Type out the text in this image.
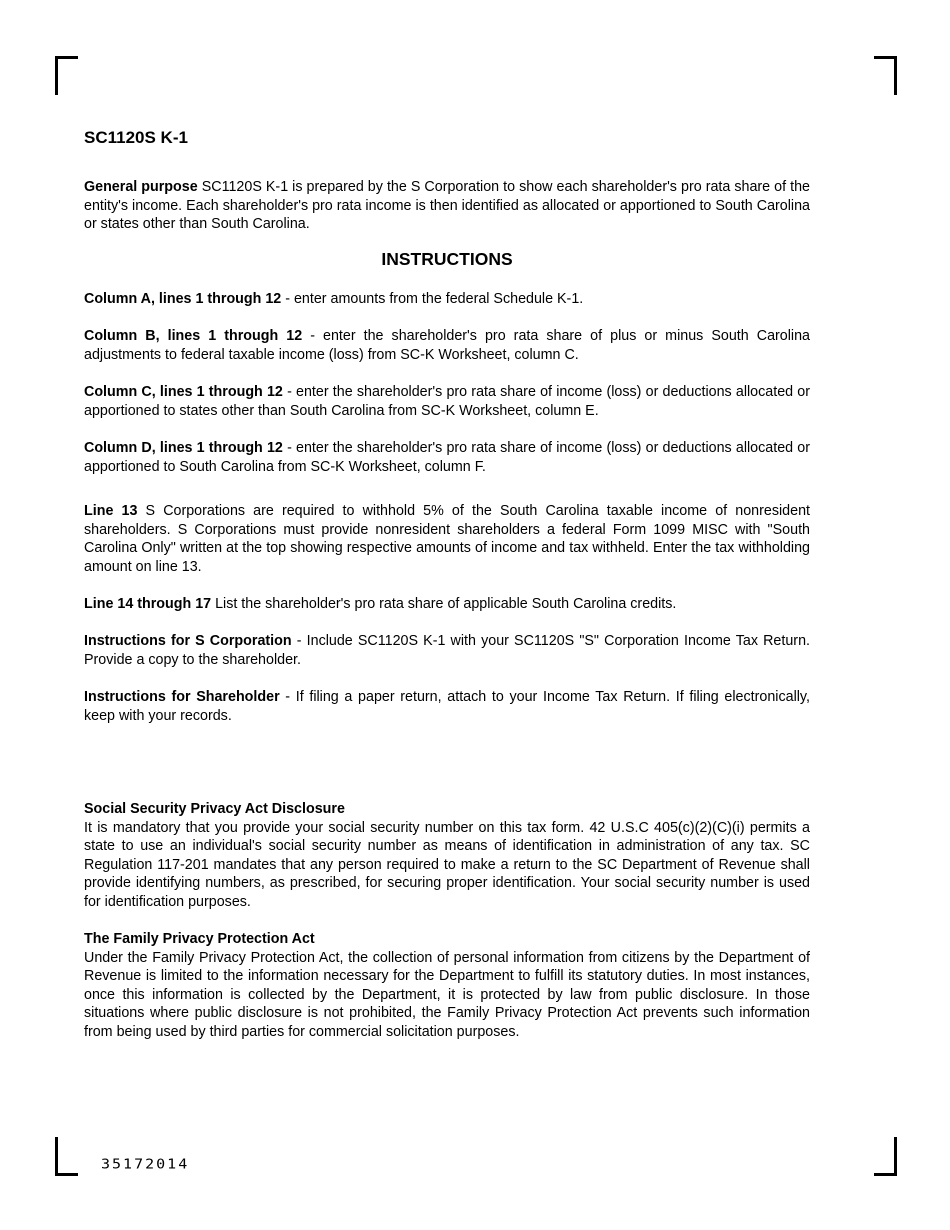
SC1120S K-1

General purpose SC1120S K-1 is prepared by the S Corporation to show each shareholder's pro rata share of the entity's income. Each shareholder's pro rata income is then identified as allocated or apportioned to South Carolina or states other than South Carolina.

INSTRUCTIONS

Column A, lines 1 through 12 - enter amounts from the federal Schedule K-1.

Column B, lines 1 through 12 - enter the shareholder's pro rata share of plus or minus South Carolina adjustments to federal taxable income (loss) from SC-K Worksheet, column C.

Column C, lines 1 through 12 - enter the shareholder's pro rata share of income (loss) or deductions allocated or apportioned to states other than South Carolina from SC-K Worksheet, column E.

Column D, lines 1 through 12 - enter the shareholder's pro rata share of income (loss) or deductions allocated or apportioned to South Carolina from SC-K Worksheet, column F.

Line 13 S Corporations are required to withhold 5% of the South Carolina taxable income of nonresident shareholders. S Corporations must provide nonresident shareholders a federal Form 1099 MISC with "South Carolina Only" written at the top showing respective amounts of income and tax withheld. Enter the tax withholding amount on line 13.

Line 14 through 17 List the shareholder's pro rata share of applicable South Carolina credits.

Instructions for S Corporation - Include SC1120S K-1 with your SC1120S "S" Corporation Income Tax Return. Provide a copy to the shareholder.

Instructions for Shareholder - If filing a paper return, attach to your Income Tax Return. If filing electronically, keep with your records.

Social Security Privacy Act Disclosure
It is mandatory that you provide your social security number on this tax form. 42 U.S.C 405(c)(2)(C)(i) permits a state to use an individual's social security number as means of identification in administration of any tax. SC Regulation 117-201 mandates that any person required to make a return to the SC Department of Revenue shall provide identifying numbers, as prescribed, for securing proper identification. Your social security number is used for identification purposes.
The Family Privacy Protection Act
Under the Family Privacy Protection Act, the collection of personal information from citizens by the Department of Revenue is limited to the information necessary for the Department to fulfill its statutory duties. In most instances, once this information is collected by the Department, it is protected by law from public disclosure. In those situations where public disclosure is not prohibited, the Family Privacy Protection Act prevents such information from being used by third parties for commercial solicitation purposes.
35172014
